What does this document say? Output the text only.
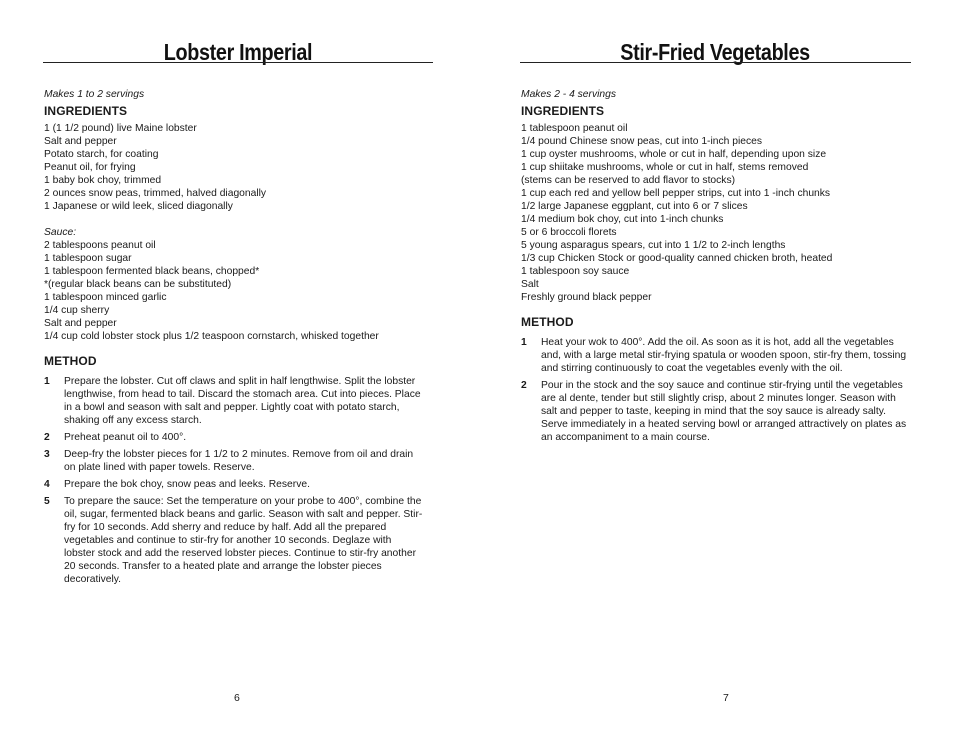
Lobster Imperial

Makes 1 to 2 servings

INGREDIENTS
1 (1 1/2 pound) live Maine lobster
Salt and pepper
Potato starch, for coating
Peanut oil, for frying
1 baby bok choy, trimmed
2 ounces snow peas, trimmed, halved diagonally
1 Japanese or wild leek, sliced diagonally

Sauce:

2 tablespoons peanut oil
1 tablespoon sugar
1 tablespoon fermented black beans, chopped*
*(regular black beans can be substituted)
1 tablespoon minced garlic
1/4 cup sherry
Salt and pepper
1/4 cup cold lobster stock plus 1/2 teaspoon cornstarch, whisked together
METHOD
1	Prepare the lobster. Cut off claws and split in half lengthwise. Split the lobster lengthwise, from head to tail. Discard the stomach area. Cut into pieces. Place in a bowl and season with salt and pepper. Lightly coat with potato starch, shaking off any excess starch.
2	Preheat peanut oil to 400°.
3	Deep-fry the lobster pieces for 1 1/2 to 2 minutes. Remove from oil and drain on plate lined with paper towels. Reserve.
4	Prepare the bok choy, snow peas and leeks. Reserve.
5	To prepare the sauce: Set the temperature on your probe to 400°, combine the oil, sugar, fermented black beans and garlic. Season with salt and pepper. Stir-fry for 10 seconds. Add sherry and reduce by half. Add all the prepared vegetables and continue to stir-fry for another 10 seconds. Deglaze with lobster stock and add the reserved lobster pieces. Continue to stir-fry another 20 seconds. Transfer to a heated plate and arrange the lobster pieces decoratively.
6
Stir-Fried Vegetables

Makes 2 - 4 servings

INGREDIENTS
1 tablespoon peanut oil
1/4 pound Chinese snow peas, cut into 1-inch pieces
1 cup oyster mushrooms, whole or cut in half, depending upon size
1 cup shiitake mushrooms, whole or cut in half, stems removed
(stems can be reserved to add flavor to stocks)
1 cup each red and yellow bell pepper strips, cut into 1 -inch chunks
1/2 large Japanese eggplant, cut into 6 or 7 slices
1/4 medium bok choy, cut into 1-inch chunks
5 or 6 broccoli florets
5 young asparagus spears, cut into 1 1/2 to 2-inch lengths
1/3 cup Chicken Stock or good-quality canned chicken broth, heated
1 tablespoon soy sauce
Salt
Freshly ground black pepper
METHOD
1	Heat your wok to 400°. Add the oil. As soon as it is hot, add all the vegetables and, with a large metal stir-frying spatula or wooden spoon, stir-fry them, tossing and stirring continuously to coat the vegetables evenly with the oil.
2	Pour in the stock and the soy sauce and continue stir-frying until the vegetables are al dente, tender but still slightly crisp, about 2 minutes longer. Season with salt and pepper to taste, keeping in mind that the soy sauce is already salty. Serve immediately in a heated serving bowl or arranged attractively on plates as an accompaniment to a main course.
7
